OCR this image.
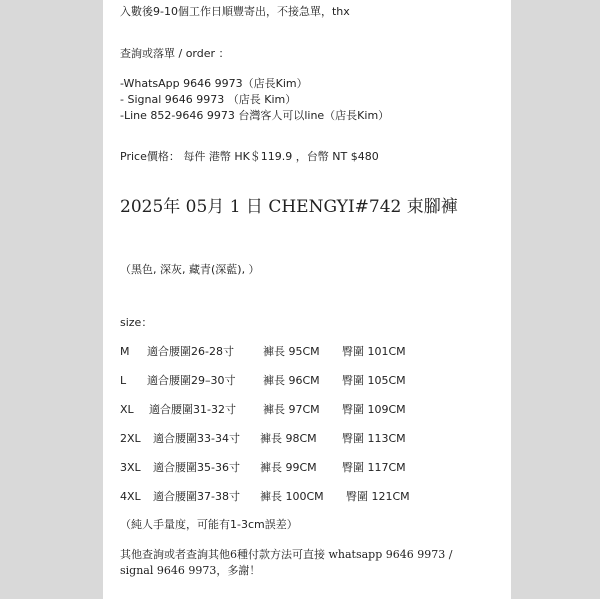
入數後9-10個工作日順豐寄出，不接急單，thx
查詢或落單 / order ：
-WhatsApp 9646 9973（店長Kim）
- Signal 9646 9973 （店長 Kim）
-Line 852-9646 9973 台灣客人可以line（店長Kim）
Price價格： 每件 港幣 HK＄119.9 ，台幣 NT $480
2025年 05月 1 日 CHENGYI#742 束腳褲
（黑色, 深灰, 藏青(深藍), ）
size：
M 適合腰圍26-28寸	褲長 95CM 臀圍 101CM
L 適合腰圍29–30寸	褲長 96CM 臀圍 105CM
XL 適合腰圍31-32寸 褲長 97CM 臀圍 109CM
2XL 適合腰圍33-34寸 褲長 98CM 臀圍 113CM
3XL 適合腰圍35-36寸 褲長 99CM 臀圍 117CM
4XL 適合腰圍37-38寸 褲長 100CM 臀圍 121CM
（純人手量度，可能有1-3cm誤差）
其他查詢或者查詢其他6種付款方法可直接 whatsapp 9646 9973 /
signal 9646 9973，多謝！
